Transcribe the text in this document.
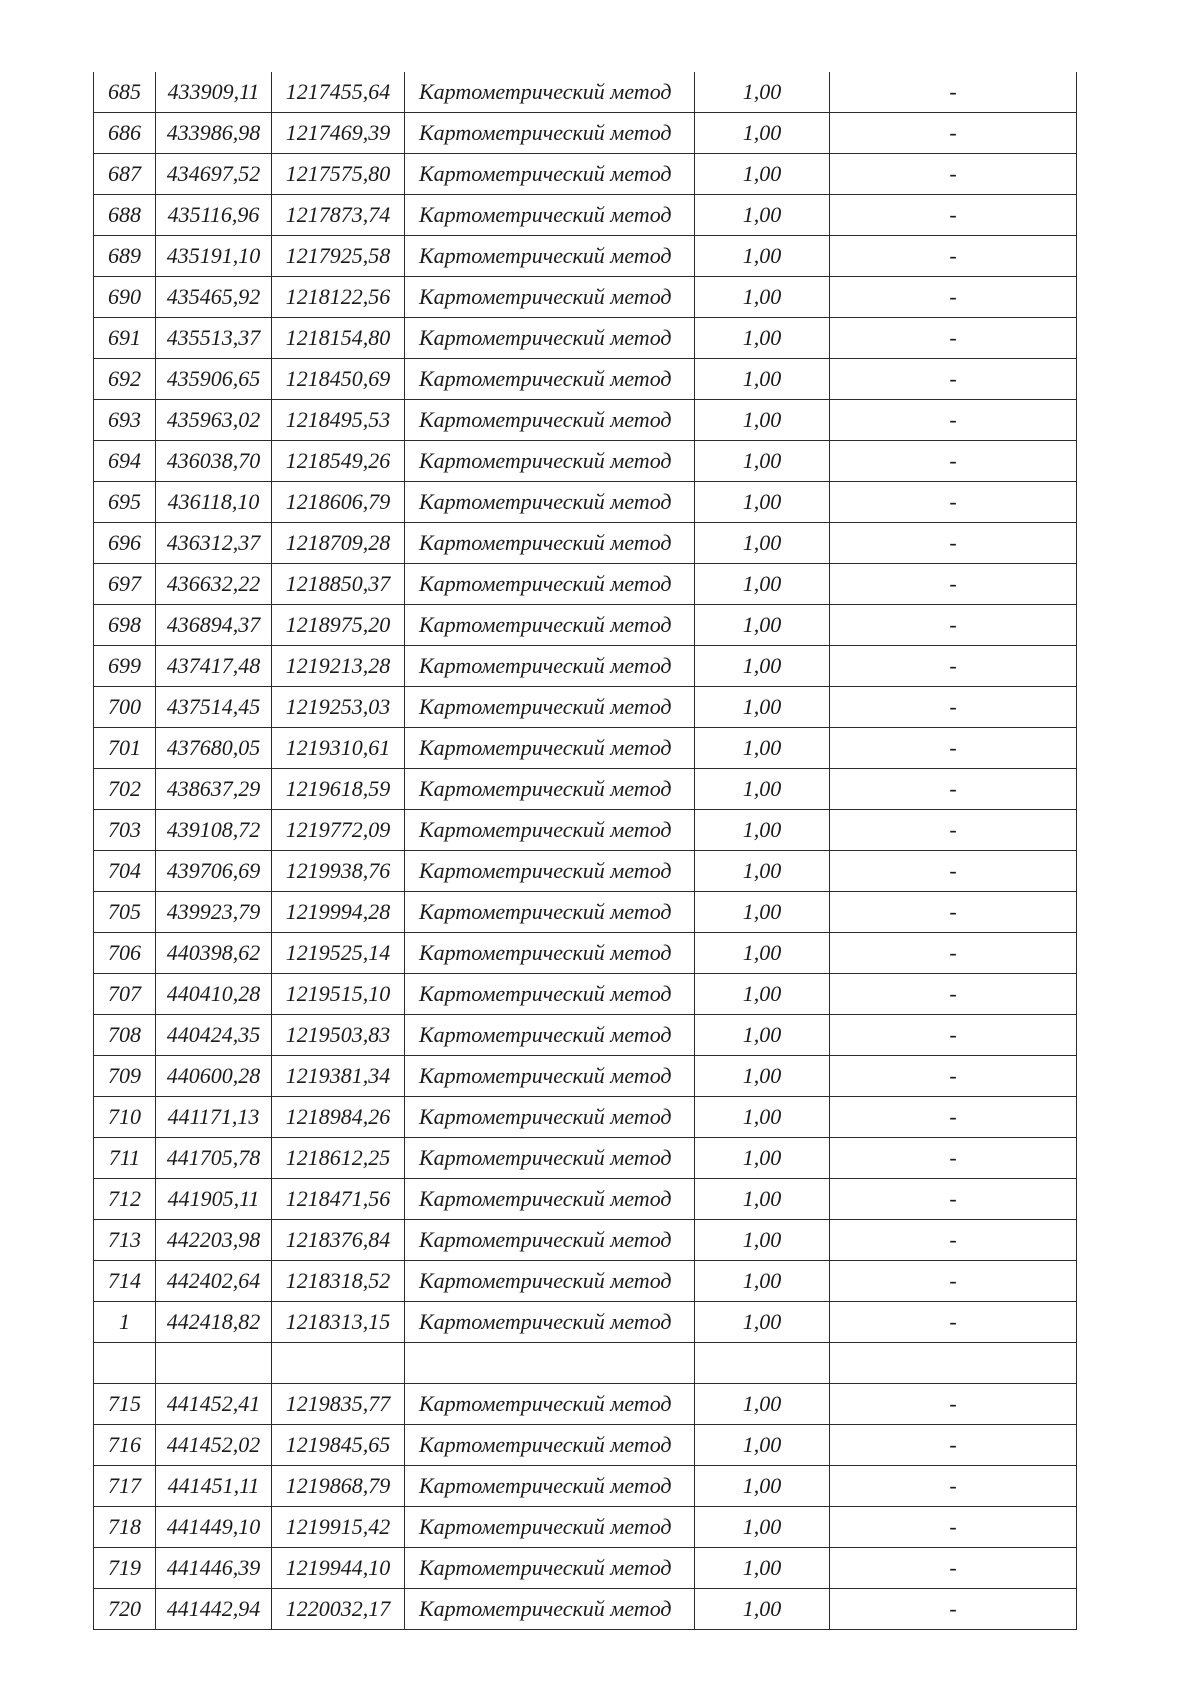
685	433909,11	1217455,64	Картометрический метод	1,00	-
686	433986,98	1217469,39	Картометрический метод	1,00	-
687	434697,52	1217575,80	Картометрический метод	1,00	-
688	435116,96	1217873,74	Картометрический метод	1,00	-
689	435191,10	1217925,58	Картометрический метод	1,00	-
690	435465,92	1218122,56	Картометрический метод	1,00	-
691	435513,37	1218154,80	Картометрический метод	1,00	-
692	435906,65	1218450,69	Картометрический метод	1,00	-
693	435963,02	1218495,53	Картометрический метод	1,00	-
694	436038,70	1218549,26	Картометрический метод	1,00	-
695	436118,10	1218606,79	Картометрический метод	1,00	-
696	436312,37	1218709,28	Картометрический метод	1,00	-
697	436632,22	1218850,37	Картометрический метод	1,00	-
698	436894,37	1218975,20	Картометрический метод	1,00	-
699	437417,48	1219213,28	Картометрический метод	1,00	-
700	437514,45	1219253,03	Картометрический метод	1,00	-
701	437680,05	1219310,61	Картометрический метод	1,00	-
702	438637,29	1219618,59	Картометрический метод	1,00	-
703	439108,72	1219772,09	Картометрический метод	1,00	-
704	439706,69	1219938,76	Картометрический метод	1,00	-
705	439923,79	1219994,28	Картометрический метод	1,00	-
706	440398,62	1219525,14	Картометрический метод	1,00	-
707	440410,28	1219515,10	Картометрический метод	1,00	-
708	440424,35	1219503,83	Картометрический метод	1,00	-
709	440600,28	1219381,34	Картометрический метод	1,00	-
710	441171,13	1218984,26	Картометрический метод	1,00	-
711	441705,78	1218612,25	Картометрический метод	1,00	-
712	441905,11	1218471,56	Картометрический метод	1,00	-
713	442203,98	1218376,84	Картометрический метод	1,00	-
714	442402,64	1218318,52	Картометрический метод	1,00	-
1	442418,82	1218313,15	Картометрический метод	1,00	-

715	441452,41	1219835,77	Картометрический метод	1,00	-
716	441452,02	1219845,65	Картометрический метод	1,00	-
717	441451,11	1219868,79	Картометрический метод	1,00	-
718	441449,10	1219915,42	Картометрический метод	1,00	-
719	441446,39	1219944,10	Картометрический метод	1,00	-
720	441442,94	1220032,17	Картометрический метод	1,00	-
